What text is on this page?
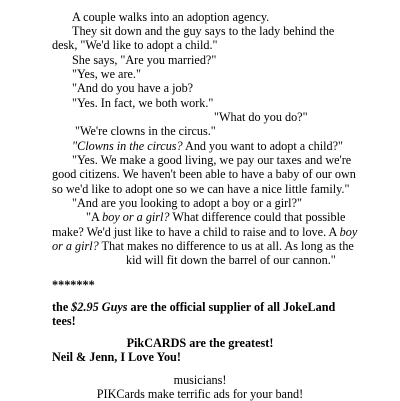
A couple walks into an adoption agency.
They sit down and the guy says to the lady behind the
desk, "We'd like to adopt a child."
She says, "Are you married?"
"Yes, we are."
"And do you have a job?
"Yes. In fact, we both work."
"What do you do?"
"We're clowns in the circus."
"Clowns in the circus? And you want to adopt a child?"
"Yes. We make a good living, we pay our taxes and we're
good citizens. We haven't been able to have a baby of our own
so we'd like to adopt one so we can have a nice little family."
"And are you looking to adopt a boy or a girl?"
"A boy or a girl? What difference could that possible
make? We'd just like to have a child to raise and to love. A boy
or a girl? That makes no difference to us at all. As long as the
kid will fit down the barrel of our cannon."
*******
the $2.95 Guys are the official supplier of all JokeLand
tees!
PikCARDS are the greatest!
Neil & Jenn, I Love You!
musicians!
PIKCards make terrific ads for your band!
